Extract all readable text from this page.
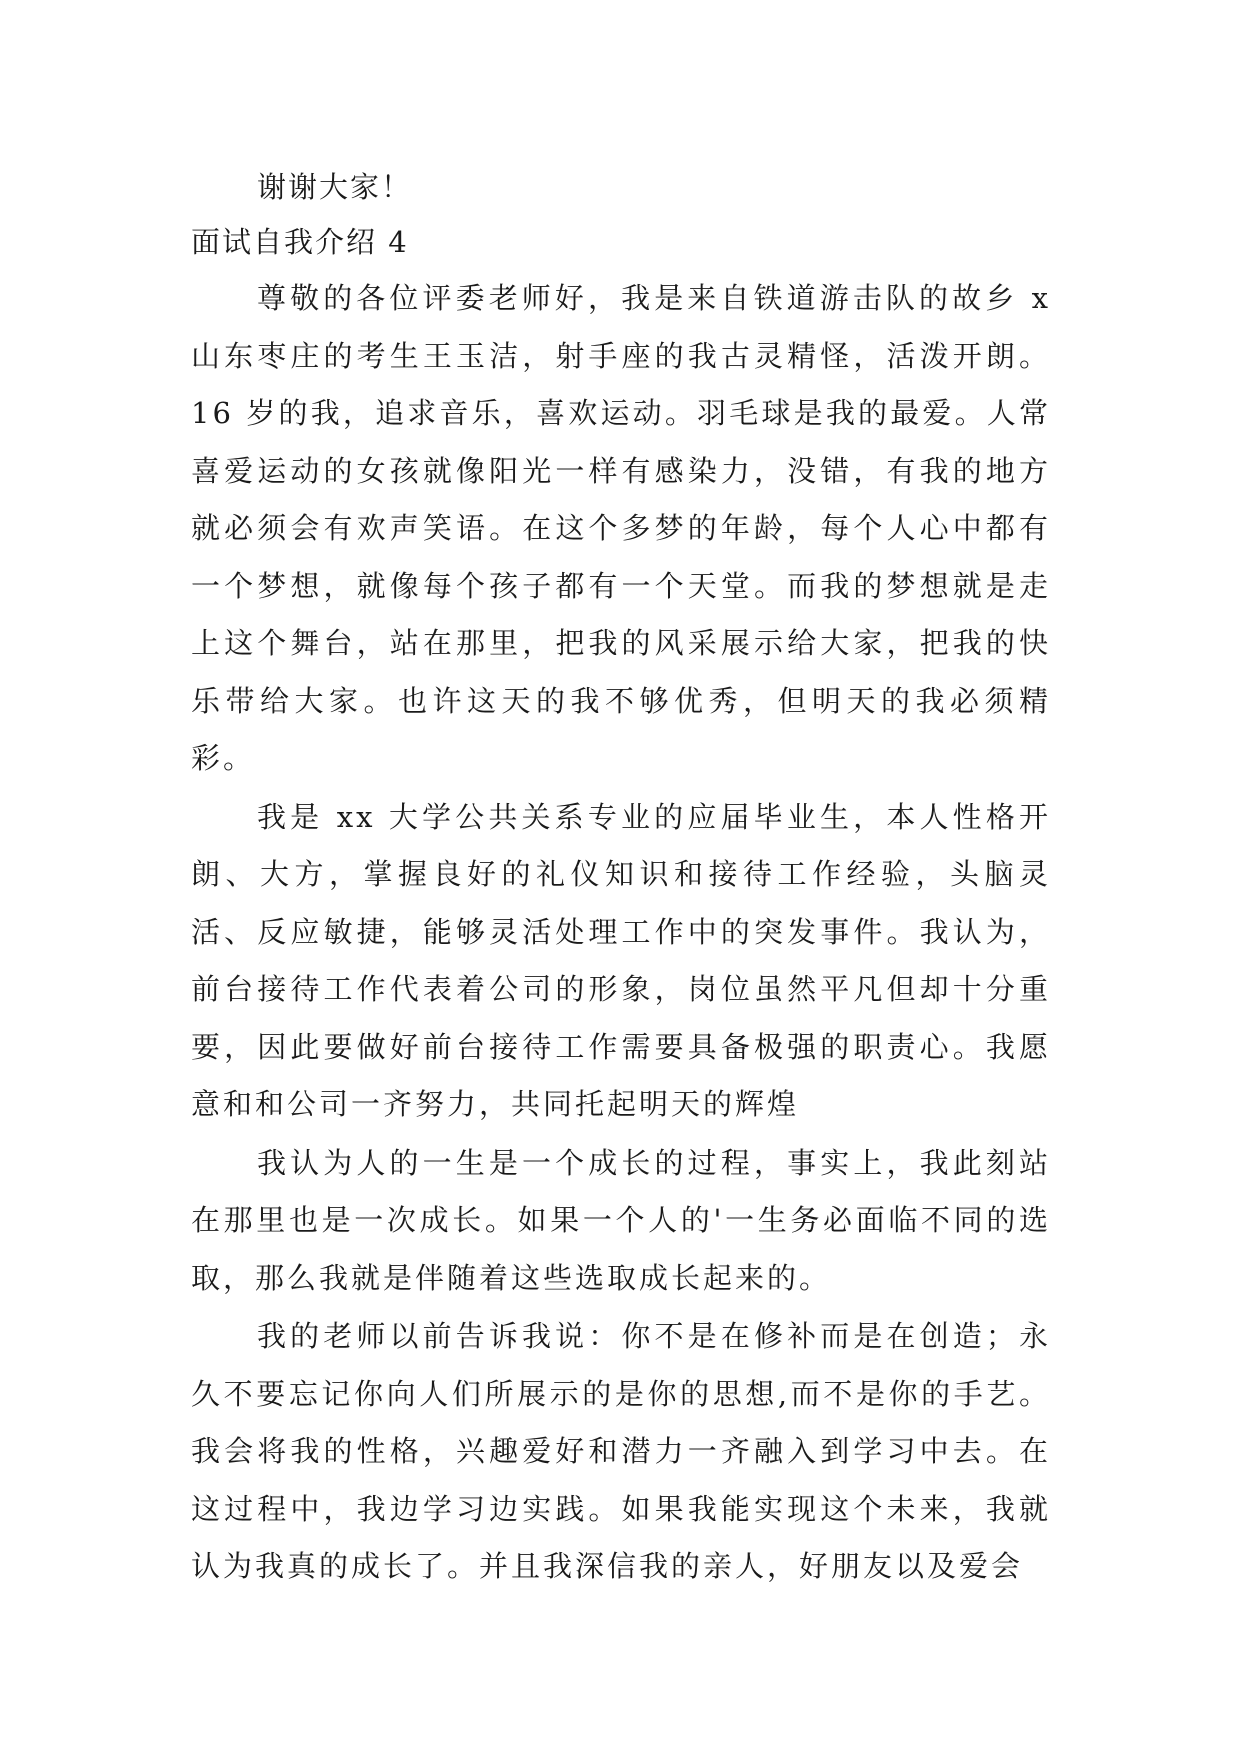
谢谢大家！

面试自我介绍 4

尊敬的各位评委老师好，我是来自铁道游击队的故乡 x 山东枣庄的考生王玉洁，射手座的我古灵精怪，活泼开朗。16 岁的我，追求音乐，喜欢运动。羽毛球是我的最爱。人常喜爱运动的女孩就像阳光一样有感染力，没错，有我的地方就必须会有欢声笑语。在这个多梦的年龄，每个人心中都有一个梦想，就像每个孩子都有一个天堂。而我的梦想就是走上这个舞台，站在那里，把我的风采展示给大家，把我的快乐带给大家。也许这天的我不够优秀，但明天的我必须精彩。

我是 xx 大学公共关系专业的应届毕业生，本人性格开朗、大方，掌握良好的礼仪知识和接待工作经验，头脑灵活、反应敏捷，能够灵活处理工作中的突发事件。我认为，前台接待工作代表着公司的形象，岗位虽然平凡但却十分重要，因此要做好前台接待工作需要具备极强的职责心。我愿意和和公司一齐努力，共同托起明天的辉煌

我认为人的一生是一个成长的过程，事实上，我此刻站在那里也是一次成长。如果一个人的'一生务必面临不同的选取，那么我就是伴随着这些选取成长起来的。

我的老师以前告诉我说：你不是在修补而是在创造；永久不要忘记你向人们所展示的是你的思想,而不是你的手艺。我会将我的性格，兴趣爱好和潜力一齐融入到学习中去。在这过程中，我边学习边实践。如果我能实现这个未来，我就认为我真的成长了。并且我深信我的亲人，好朋友以及爱会
